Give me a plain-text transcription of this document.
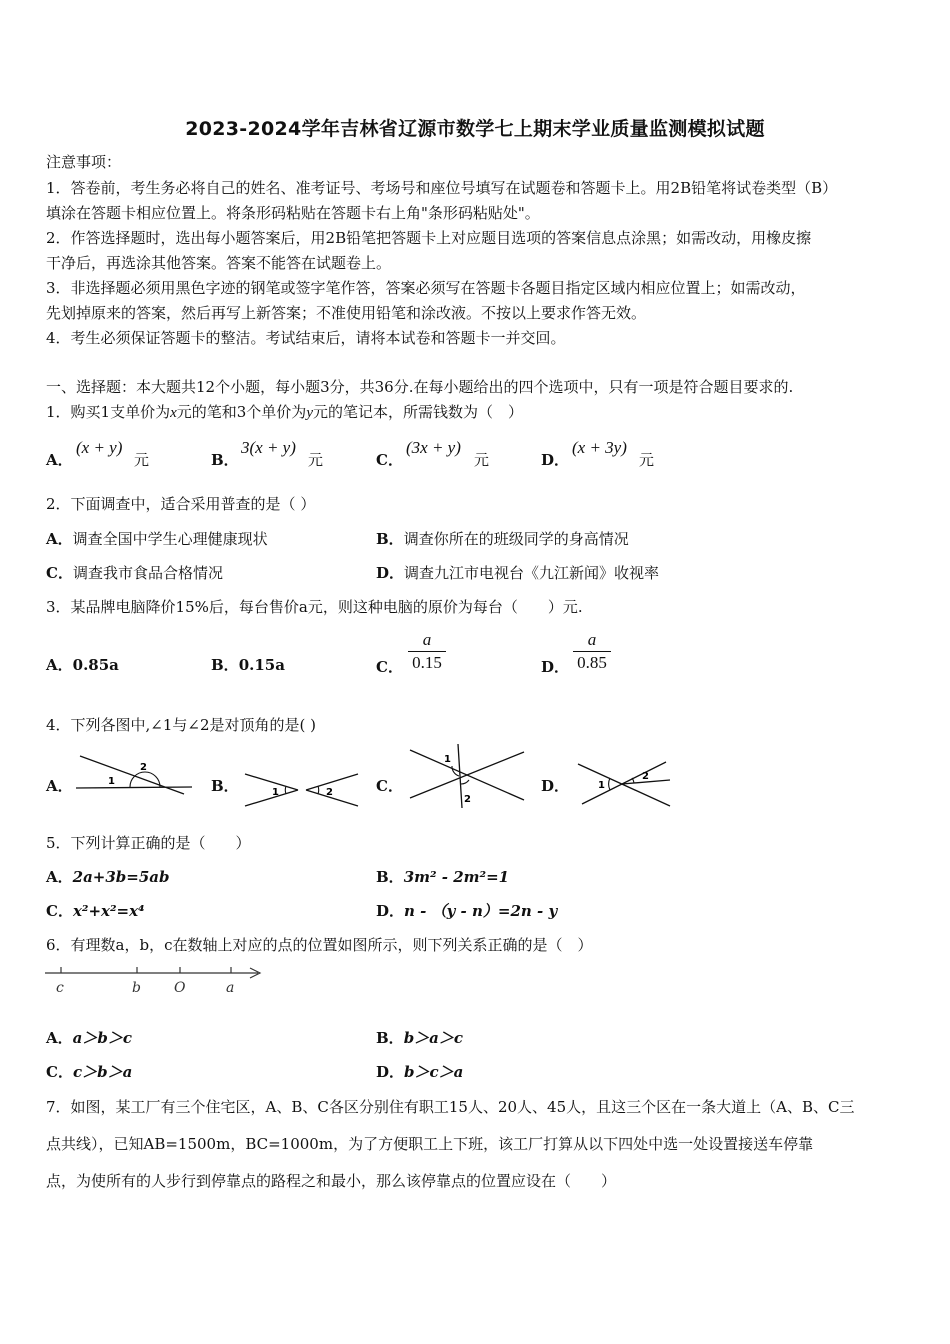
2023-2024学年吉林省辽源市数学七上期末学业质量监测模拟试题
注意事项：
1．答卷前，考生务必将自己的姓名、准考证号、考场号和座位号填写在试题卷和答题卡上。用2B铅笔将试卷类型（B）
填涂在答题卡相应位置上。将条形码粘贴在答题卡右上角"条形码粘贴处"。
2．作答选择题时，选出每小题答案后，用2B铅笔把答题卡上对应题目选项的答案信息点涂黑；如需改动，用橡皮擦
干净后，再选涂其他答案。答案不能答在试题卷上。
3．非选择题必须用黑色字迹的钢笔或签字笔作答，答案必须写在答题卡各题目指定区域内相应位置上；如需改动，
先划掉原来的答案，然后再写上新答案；不准使用铅笔和涂改液。不按以上要求作答无效。
4．考生必须保证答题卡的整洁。考试结束后，请将本试卷和答题卡一并交回。
一、选择题：本大题共12个小题，每小题3分，共36分.在每小题给出的四个选项中，只有一项是符合题目要求的.
1．购买1支单价为x元的笔和3个单价为y元的笔记本，所需钱数为（　）
A．
(x + y)
元	B．
3(x + y)
元	C．
(3x + y)
元	D．
(x + 3y)
元
2．下面调查中，适合采用普查的是（ ）
A．调查全国中学生心理健康现状	B．调查你所在的班级同学的身高情况
C．调查我市食品合格情况	D．调查九江市电视台《九江新闻》收视率
3．某品牌电脑降价15%后，每台售价a元，则这种电脑的原价为每台（　　）元.
A．0.85a	B．0.15a	C．
a
0.15	D．
a
0.85
4．下列各图中,∠1与∠2是对顶角的是( )
A．	1
2
B．	1	2	C．
1
2
D．	1
2
5．下列计算正确的是（　　）
A．2a+3b=5ab	B．3m² - 2m²=1
C．x²+x²=x⁴	D．n - （y - n）=2n - y
6．有理数a，b，c在数轴上对应的点的位置如图所示，则下列关系正确的是（　）
c	b O	a
A．a＞b＞c	B．b＞a＞c
C．c＞b＞a	D．b＞c＞a
7．如图，某工厂有三个住宅区，A、B、C各区分别住有职工15人、20人、45人，且这三个区在一条大道上（A、B、C三
点共线），已知AB=1500m，BC=1000m，为了方便职工上下班，该工厂打算从以下四处中选一处设置接送车停靠
点，为使所有的人步行到停靠点的路程之和最小，那么该停靠点的位置应设在（　　）
